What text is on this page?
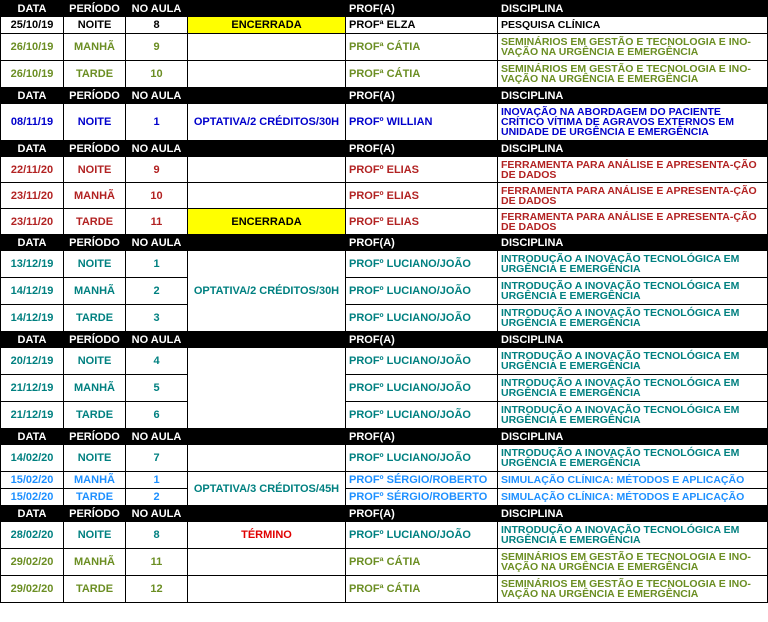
DATA	PERÍODO	NO AULA		PROF(A)	DISCIPLINA
25/10/19	NOITE	8	ENCERRADA	PROFª ELZA	PESQUISA CLÍNICA
26/10/19	MANHÃ	9		PROFª CÁTIA	SEMINÁRIOS EM GESTÃO E TECNOLOGIA E INO-VAÇÃO NA URGÊNCIA E EMERGÊNCIA
26/10/19	TARDE	10		PROFª CÁTIA	SEMINÁRIOS EM GESTÃO E TECNOLOGIA E INO-VAÇÃO NA URGÊNCIA E EMERGÊNCIA
DATA	PERÍODO	NO AULA		PROF(A)	DISCIPLINA
08/11/19	NOITE	1	OPTATIVA/2 CRÉDITOS/30H	PROFº WILLIAN	INOVAÇÃO NA ABORDAGEM DO PACIENTE CRÍTICO VÍTIMA DE AGRAVOS EXTERNOS EM UNIDADE DE URGÊNCIA E EMERGÊNCIA
DATA	PERÍODO	NO AULA		PROF(A)	DISCIPLINA
22/11/20	NOITE	9		PROFº ELIAS	FERRAMENTA PARA ANÁLISE E APRESENTA-ÇÃO DE DADOS
23/11/20	MANHÃ	10		PROFº ELIAS	FERRAMENTA PARA ANÁLISE E APRESENTA-ÇÃO DE DADOS
23/11/20	TARDE	11	ENCERRADA	PROFº ELIAS	FERRAMENTA PARA ANÁLISE E APRESENTA-ÇÃO DE DADOS
DATA	PERÍODO	NO AULA		PROF(A)	DISCIPLINA
13/12/19	NOITE	1	OPTATIVA/2 CRÉDITOS/30H	PROFº LUCIANO/JOÃO	INTRODUÇÃO A INOVAÇÃO TECNOLÓGICA EM URGÊNCIA E EMERGÊNCIA
14/12/19	MANHÃ	2		PROFº LUCIANO/JOÃO	INTRODUÇÃO A INOVAÇÃO TECNOLÓGICA EM URGÊNCIA E EMERGÊNCIA
14/12/19	TARDE	3		PROFº LUCIANO/JOÃO	INTRODUÇÃO A INOVAÇÃO TECNOLÓGICA EM URGÊNCIA E EMERGÊNCIA
DATA	PERÍODO	NO AULA		PROF(A)	DISCIPLINA
20/12/19	NOITE	4		PROFº LUCIANO/JOÃO	INTRODUÇÃO A INOVAÇÃO TECNOLÓGICA EM URGÊNCIA E EMERGÊNCIA
21/12/19	MANHÃ	5		PROFº LUCIANO/JOÃO	INTRODUÇÃO A INOVAÇÃO TECNOLÓGICA EM URGÊNCIA E EMERGÊNCIA
21/12/19	TARDE	6		PROFº LUCIANO/JOÃO	INTRODUÇÃO A INOVAÇÃO TECNOLÓGICA EM URGÊNCIA E EMERGÊNCIA
DATA	PERÍODO	NO AULA		PROF(A)	DISCIPLINA
14/02/20	NOITE	7		PROFº LUCIANO/JOÃO	INTRODUÇÃO A INOVAÇÃO TECNOLÓGICA EM URGÊNCIA E EMERGÊNCIA
15/02/20	MANHÃ	1	OPTATIVA/3 CRÉDITOS/45H	PROFº SÉRGIO/ROBERTO	SIMULAÇÃO CLÍNICA: MÉTODOS E APLICAÇÃO
15/02/20	TARDE	2		PROFº SÉRGIO/ROBERTO	SIMULAÇÃO CLÍNICA: MÉTODOS E APLICAÇÃO
DATA	PERÍODO	NO AULA		PROF(A)	DISCIPLINA
28/02/20	NOITE	8	TÉRMINO	PROFº LUCIANO/JOÃO	INTRODUÇÃO A INOVAÇÃO TECNOLÓGICA EM URGÊNCIA E EMERGÊNCIA
29/02/20	MANHÃ	11		PROFª CÁTIA	SEMINÁRIOS EM GESTÃO E TECNOLOGIA E INO-VAÇÃO NA URGÊNCIA E EMERGÊNCIA
29/02/20	TARDE	12		PROFª CÁTIA	SEMINÁRIOS EM GESTÃO E TECNOLOGIA E INO-VAÇÃO NA URGÊNCIA E EMERGÊNCIA
